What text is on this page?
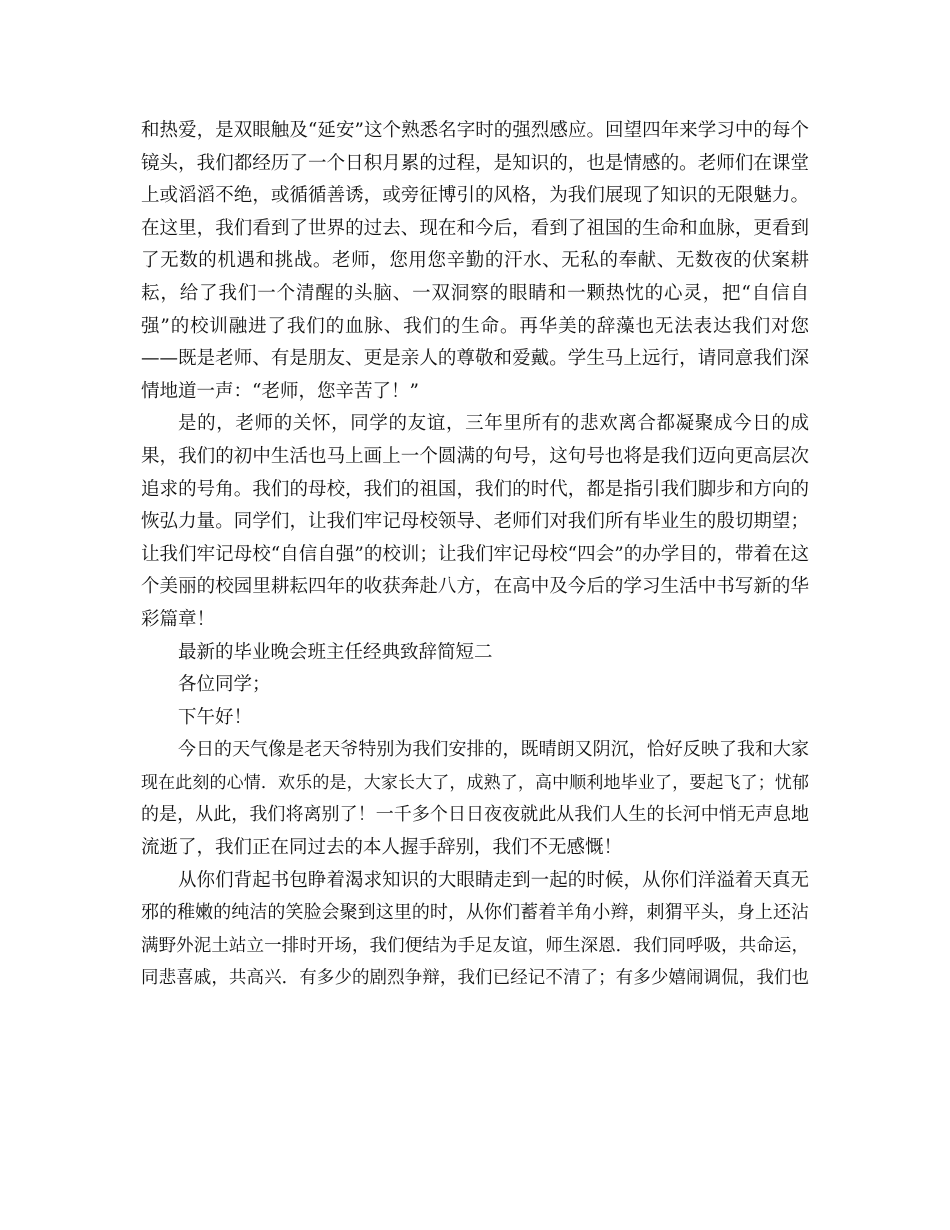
和热爱，是双眼触及“延安”这个熟悉名字时的强烈感应。回望四年来学习中的每个
镜头，我们都经历了一个日积月累的过程，是知识的，也是情感的。老师们在课堂
上或滔滔不绝，或循循善诱，或旁征博引的风格，为我们展现了知识的无限魅力。
在这里，我们看到了世界的过去、现在和今后，看到了祖国的生命和血脉，更看到
了无数的机遇和挑战。老师，您用您辛勤的汗水、无私的奉献、无数夜的伏案耕
耘，给了我们一个清醒的头脑、一双洞察的眼睛和一颗热忱的心灵，把“自信自
强”的校训融进了我们的血脉、我们的生命。再华美的辞藻也无法表达我们对您
——既是老师、有是朋友、更是亲人的尊敬和爱戴。学生马上远行，请同意我们深
情地道一声：“老师，您辛苦了！”
是的，老师的关怀，同学的友谊，三年里所有的悲欢离合都凝聚成今日的成
果，我们的初中生活也马上画上一个圆满的句号，这句号也将是我们迈向更高层次
追求的号角。我们的母校，我们的祖国，我们的时代，都是指引我们脚步和方向的
恢弘力量。同学们，让我们牢记母校领导、老师们对我们所有毕业生的殷切期望；
让我们牢记母校“自信自强”的校训；让我们牢记母校“四会”的办学目的，带着在这
个美丽的校园里耕耘四年的收获奔赴八方，在高中及今后的学习生活中书写新的华
彩篇章！
最新的毕业晚会班主任经典致辞简短二
各位同学；
下午好！
今日的天气像是老天爷特别为我们安排的，既晴朗又阴沉，恰好反映了我和大家
现在此刻的心情．欢乐的是，大家长大了，成熟了，高中顺利地毕业了，要起飞了；忧郁
的是，从此，我们将离别了！一千多个日日夜夜就此从我们人生的长河中悄无声息地
流逝了，我们正在同过去的本人握手辞别，我们不无感慨！
从你们背起书包睁着渴求知识的大眼睛走到一起的时候，从你们洋溢着天真无
邪的稚嫩的纯洁的笑脸会聚到这里的时，从你们蓄着羊角小辫，刺猬平头，身上还沾
满野外泥土站立一排时开场，我们便结为手足友谊，师生深恩．我们同呼吸，共命运，
同悲喜戚，共高兴．有多少的剧烈争辩，我们已经记不清了；有多少嬉闹调侃，我们也
